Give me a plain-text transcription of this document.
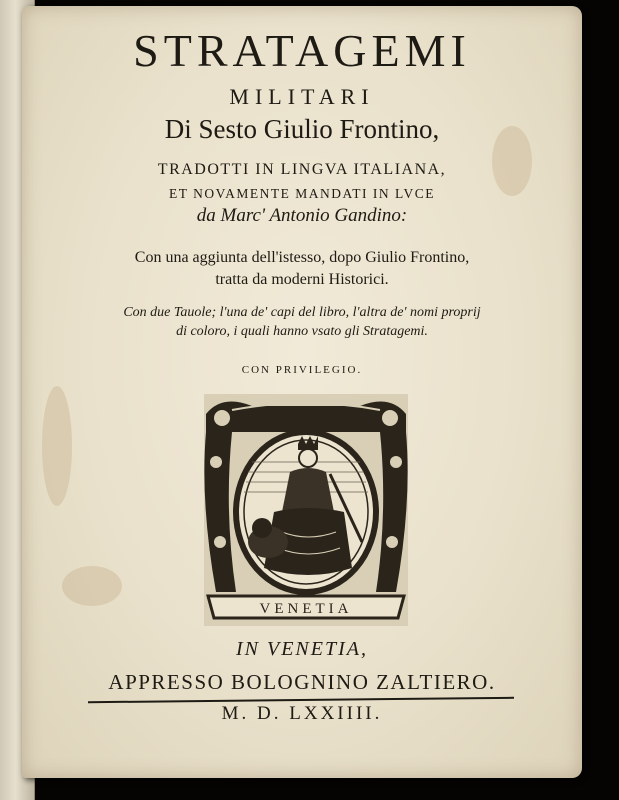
STRATAGEMI
MILITARI
Di Sesto Giulio Frontino,
TRADOTTI IN LINGVA ITALIANA,
ET NOVAMENTE MANDATI IN LVCE
da Marc' Antonio Gandino:
Con una aggiunta dell'istesso, dopo Giulio Frontino,
tratta da moderni Historici.
Con due Tauole; l'una de' capi del libro, l'altra de' nomi proprij
di coloro, i quali hanno vsato gli Stratagemi.
CON PRIVILEGIO.
VENETIA
IN VENETIA,
APPRESSO BOLOGNINO ZALTIERO.
M. D. LXXIIII.
